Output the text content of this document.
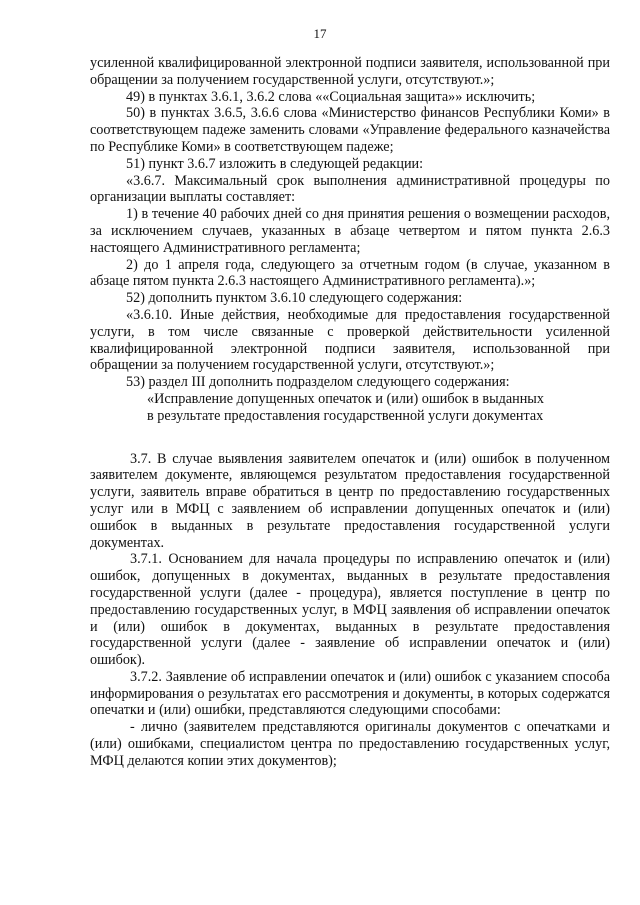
17

усиленной квалифицированной электронной подписи заявителя, использованной при обращении за получением государственной услуги, отсутствуют.»;

49) в пунктах 3.6.1, 3.6.2 слова ««Социальная защита»» исключить;

50) в пунктах 3.6.5, 3.6.6 слова «Министерство финансов Республики Коми» в соответствующем падеже заменить словами «Управление федерального казначейства по Республике Коми» в соответствующем падеже;

51) пункт 3.6.7 изложить в следующей редакции:

«3.6.7. Максимальный срок выполнения административной процедуры по организации выплаты составляет:

1) в течение 40 рабочих дней со дня принятия решения о возмещении расходов, за исключением случаев, указанных в абзаце четвертом и пятом пункта 2.6.3 настоящего Административного регламента;

2) до 1 апреля года, следующего за отчетным годом (в случае, указанном в абзаце пятом пункта 2.6.3 настоящего Административного регламента).»;

52) дополнить пунктом 3.6.10 следующего содержания:

«3.6.10. Иные действия, необходимые для предоставления государственной услуги, в том числе связанные с проверкой действительности усиленной квалифицированной электронной подписи заявителя, использованной при обращении за получением государственной услуги, отсутствуют.»;

53) раздел III дополнить подразделом следующего содержания:

«Исправление допущенных опечаток и (или) ошибок в выданных

в результате предоставления государственной услуги документах

3.7. В случае выявления заявителем опечаток и (или) ошибок в полученном заявителем документе, являющемся результатом предоставления государственной услуги, заявитель вправе обратиться в центр по предоставлению государственных услуг или в МФЦ с заявлением об исправлении допущенных опечаток и (или) ошибок в выданных в результате предоставления государственной услуги документах.

3.7.1. Основанием для начала процедуры по исправлению опечаток и (или) ошибок, допущенных в документах, выданных в результате предоставления государственной услуги (далее - процедура), является поступление в центр по предоставлению государственных услуг, в МФЦ заявления об исправлении опечаток и (или) ошибок в документах, выданных в результате предоставления государственной услуги (далее - заявление об исправлении опечаток и (или) ошибок).

3.7.2. Заявление об исправлении опечаток и (или) ошибок с указанием способа информирования о результатах его рассмотрения и документы, в которых содержатся опечатки и (или) ошибки, представляются следующими способами:

- лично (заявителем представляются оригиналы документов с опечатками и (или) ошибками, специалистом центра по предоставлению государственных услуг, МФЦ делаются копии этих документов);
